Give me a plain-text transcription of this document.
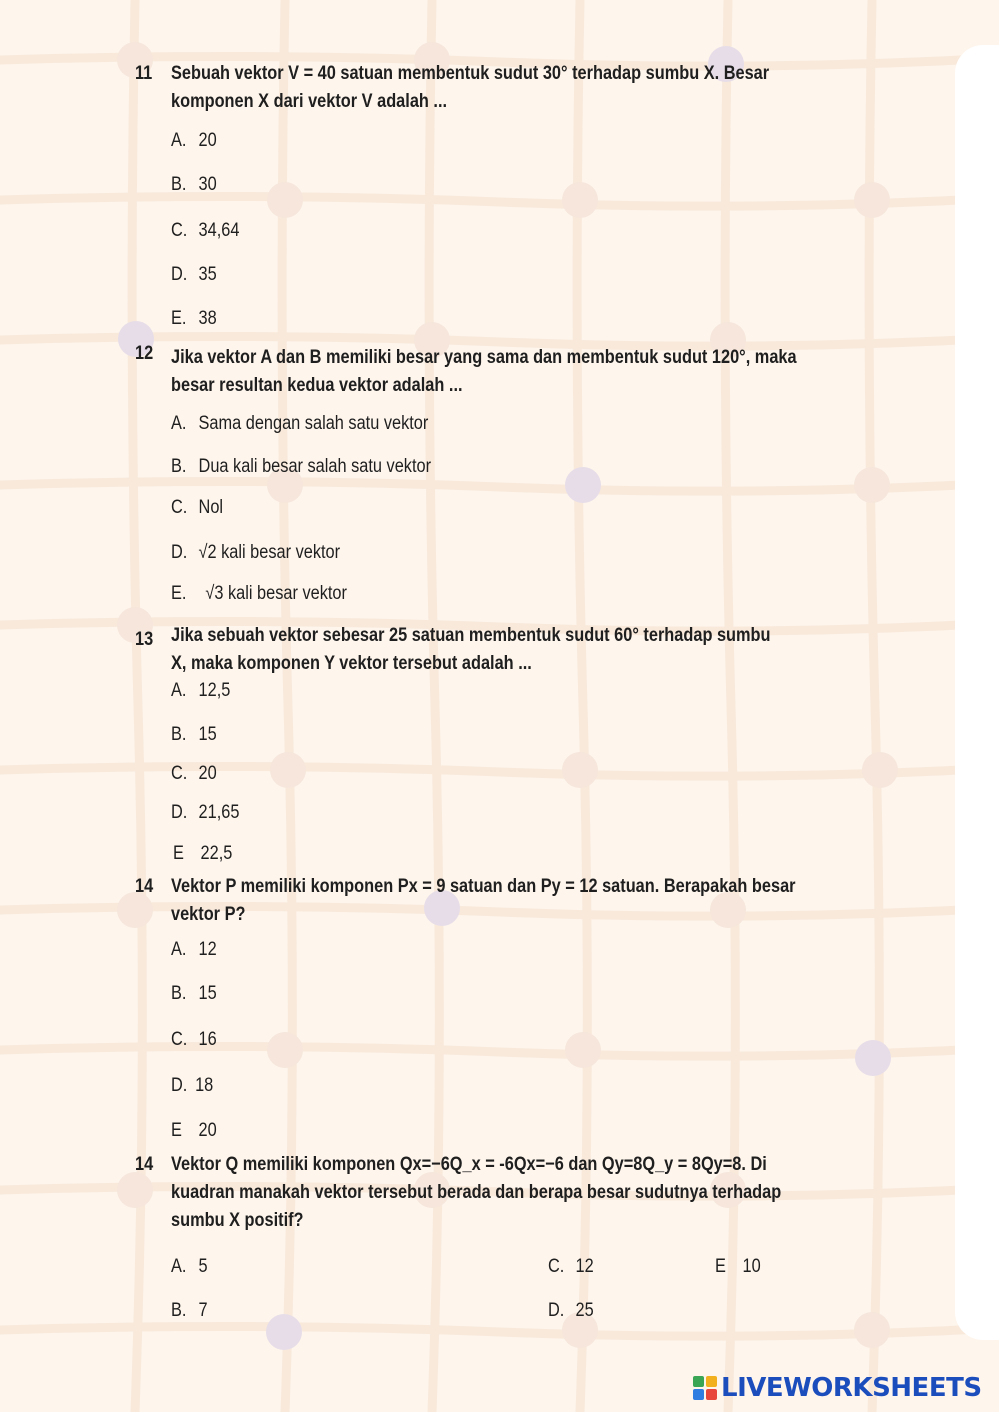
11 Sebuah vektor V = 40 satuan membentuk sudut 30° terhadap sumbu X. Besar
komponen X dari vektor V adalah ...
A. 20
B. 30
C. 34,64
D. 35
E. 38
12 Jika vektor A dan B memiliki besar yang sama dan membentuk sudut 120°, maka
besar resultan kedua vektor adalah ...
A. Sama dengan salah satu vektor
B. Dua kali besar salah satu vektor
C. Nol
D. √2 kali besar vektor
E. √3 kali besar vektor
13 Jika sebuah vektor sebesar 25 satuan membentuk sudut 60° terhadap sumbu
X, maka komponen Y vektor tersebut adalah ...
A. 12,5
B. 15
C. 20
D. 21,65
E 22,5
14 Vektor P memiliki komponen Px = 9 satuan dan Py = 12 satuan. Berapakah besar
vektor P?
A. 12
B. 15
C. 16
D. 18
E 20
14 Vektor Q memiliki komponen Qx=−6Q_x = -6Qx=−6 dan Qy=8Q_y = 8Qy=8. Di
kuadran manakah vektor tersebut berada dan berapa besar sudutnya terhadap
sumbu X positif?
A. 5
B. 7
C. 12
D. 25
E 10
LIVEWORKSHEETS
